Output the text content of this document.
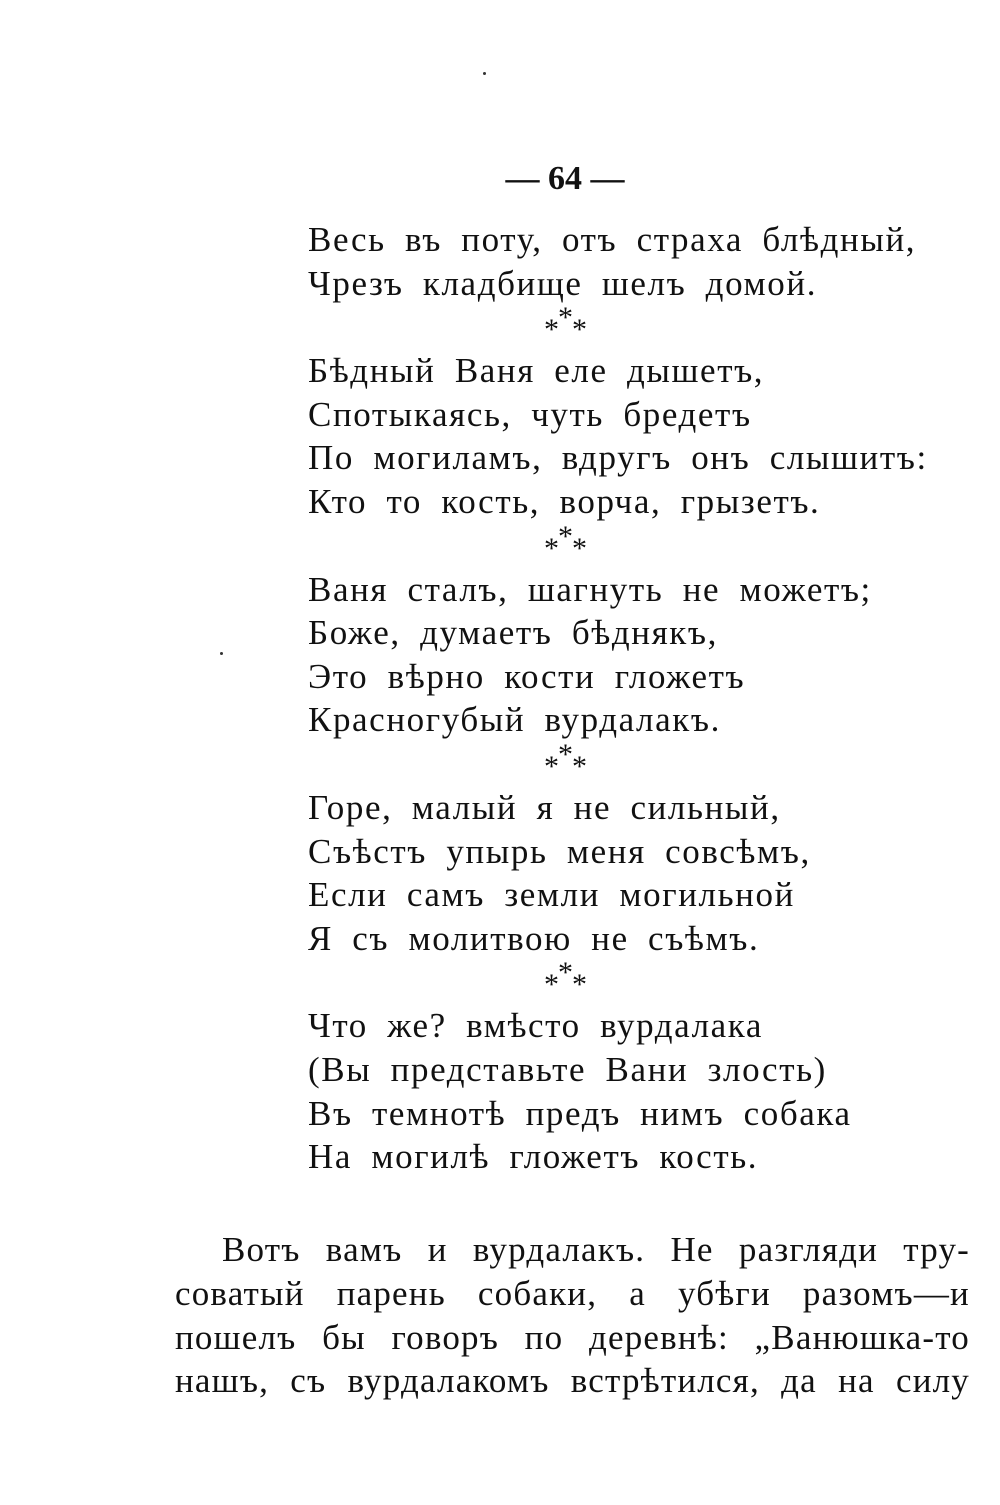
— 64 —
Весь въ поту, отъ страха блѣдный,
Чрезъ кладбище шелъ домой.
* * *
Бѣдный Ваня еле дышетъ,
Спотыкаясь, чуть бредетъ
По могиламъ, вдругъ онъ слышитъ:
Кто то кость, ворча, грызетъ.
* * *
Ваня сталъ, шагнуть не можетъ;
Боже, думаетъ бѣднякъ,
Это вѣрно кости гложетъ
Красногубый вурдалакъ.
* * *
Горе, малый я не сильный,
Съѣстъ упырь меня совсѣмъ,
Если самъ земли могильной
Я съ молитвою не съѣмъ.
* * *
Что же? вмѣсто вурдалака
(Вы представьте Вани злость)
Въ темнотѣ предъ нимъ собака
На могилѣ гложетъ кость.
Вотъ вамъ и вурдалакъ. Не разгляди тру-
соватый парень собаки, а убѣги разомъ—и
пошелъ бы говоръ по деревнѣ: „Ванюшка-то
нашъ, съ вурдалакомъ встрѣтился, да на силу
